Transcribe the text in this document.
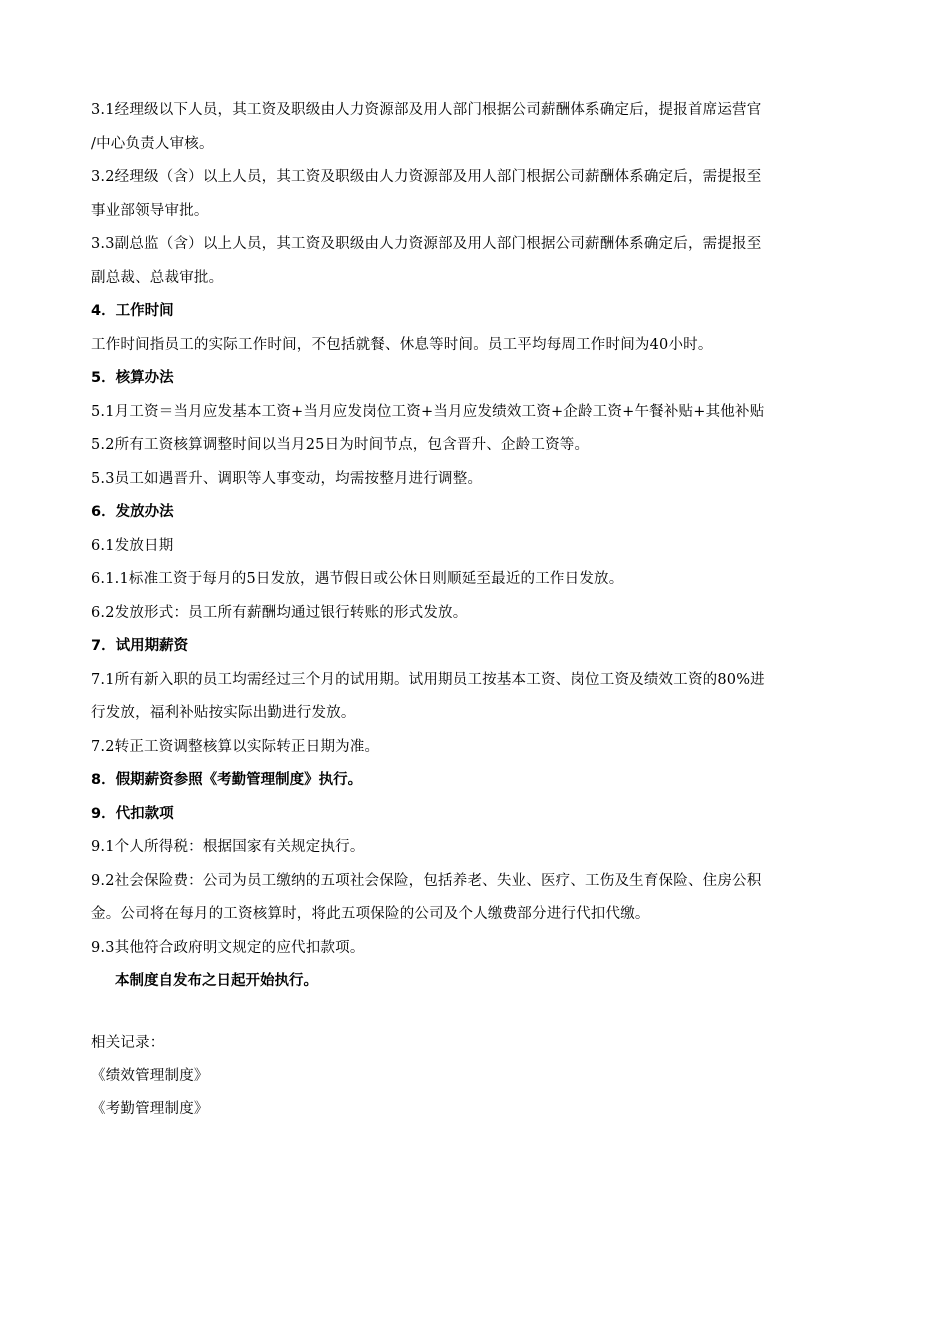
3.1经理级以下人员，其工资及职级由人力资源部及用人部门根据公司薪酬体系确定后，提报首席运营官
/中心负责人审核。
3.2经理级（含）以上人员，其工资及职级由人力资源部及用人部门根据公司薪酬体系确定后，需提报至
事业部领导审批。
3.3副总监（含）以上人员，其工资及职级由人力资源部及用人部门根据公司薪酬体系确定后，需提报至
副总裁、总裁审批。
4．工作时间
工作时间指员工的实际工作时间，不包括就餐、休息等时间。员工平均每周工作时间为40小时。
5．核算办法
5.1月工资＝当月应发基本工资+当月应发岗位工资+当月应发绩效工资+企龄工资+午餐补贴+其他补贴
5.2所有工资核算调整时间以当月25日为时间节点，包含晋升、企龄工资等。
5.3员工如遇晋升、调职等人事变动，均需按整月进行调整。
6．发放办法
6.1发放日期
6.1.1标准工资于每月的5日发放，遇节假日或公休日则顺延至最近的工作日发放。
6.2发放形式：员工所有薪酬均通过银行转账的形式发放。
7．试用期薪资
7.1所有新入职的员工均需经过三个月的试用期。试用期员工按基本工资、岗位工资及绩效工资的80%进
行发放，福利补贴按实际出勤进行发放。
7.2转正工资调整核算以实际转正日期为准。
8．假期薪资参照《考勤管理制度》执行。
9．代扣款项
9.1个人所得税：根据国家有关规定执行。
9.2社会保险费：公司为员工缴纳的五项社会保险，包括养老、失业、医疗、工伤及生育保险、住房公积
金。公司将在每月的工资核算时，将此五项保险的公司及个人缴费部分进行代扣代缴。
9.3其他符合政府明文规定的应代扣款项。
本制度自发布之日起开始执行。
相关记录：
《绩效管理制度》
《考勤管理制度》
